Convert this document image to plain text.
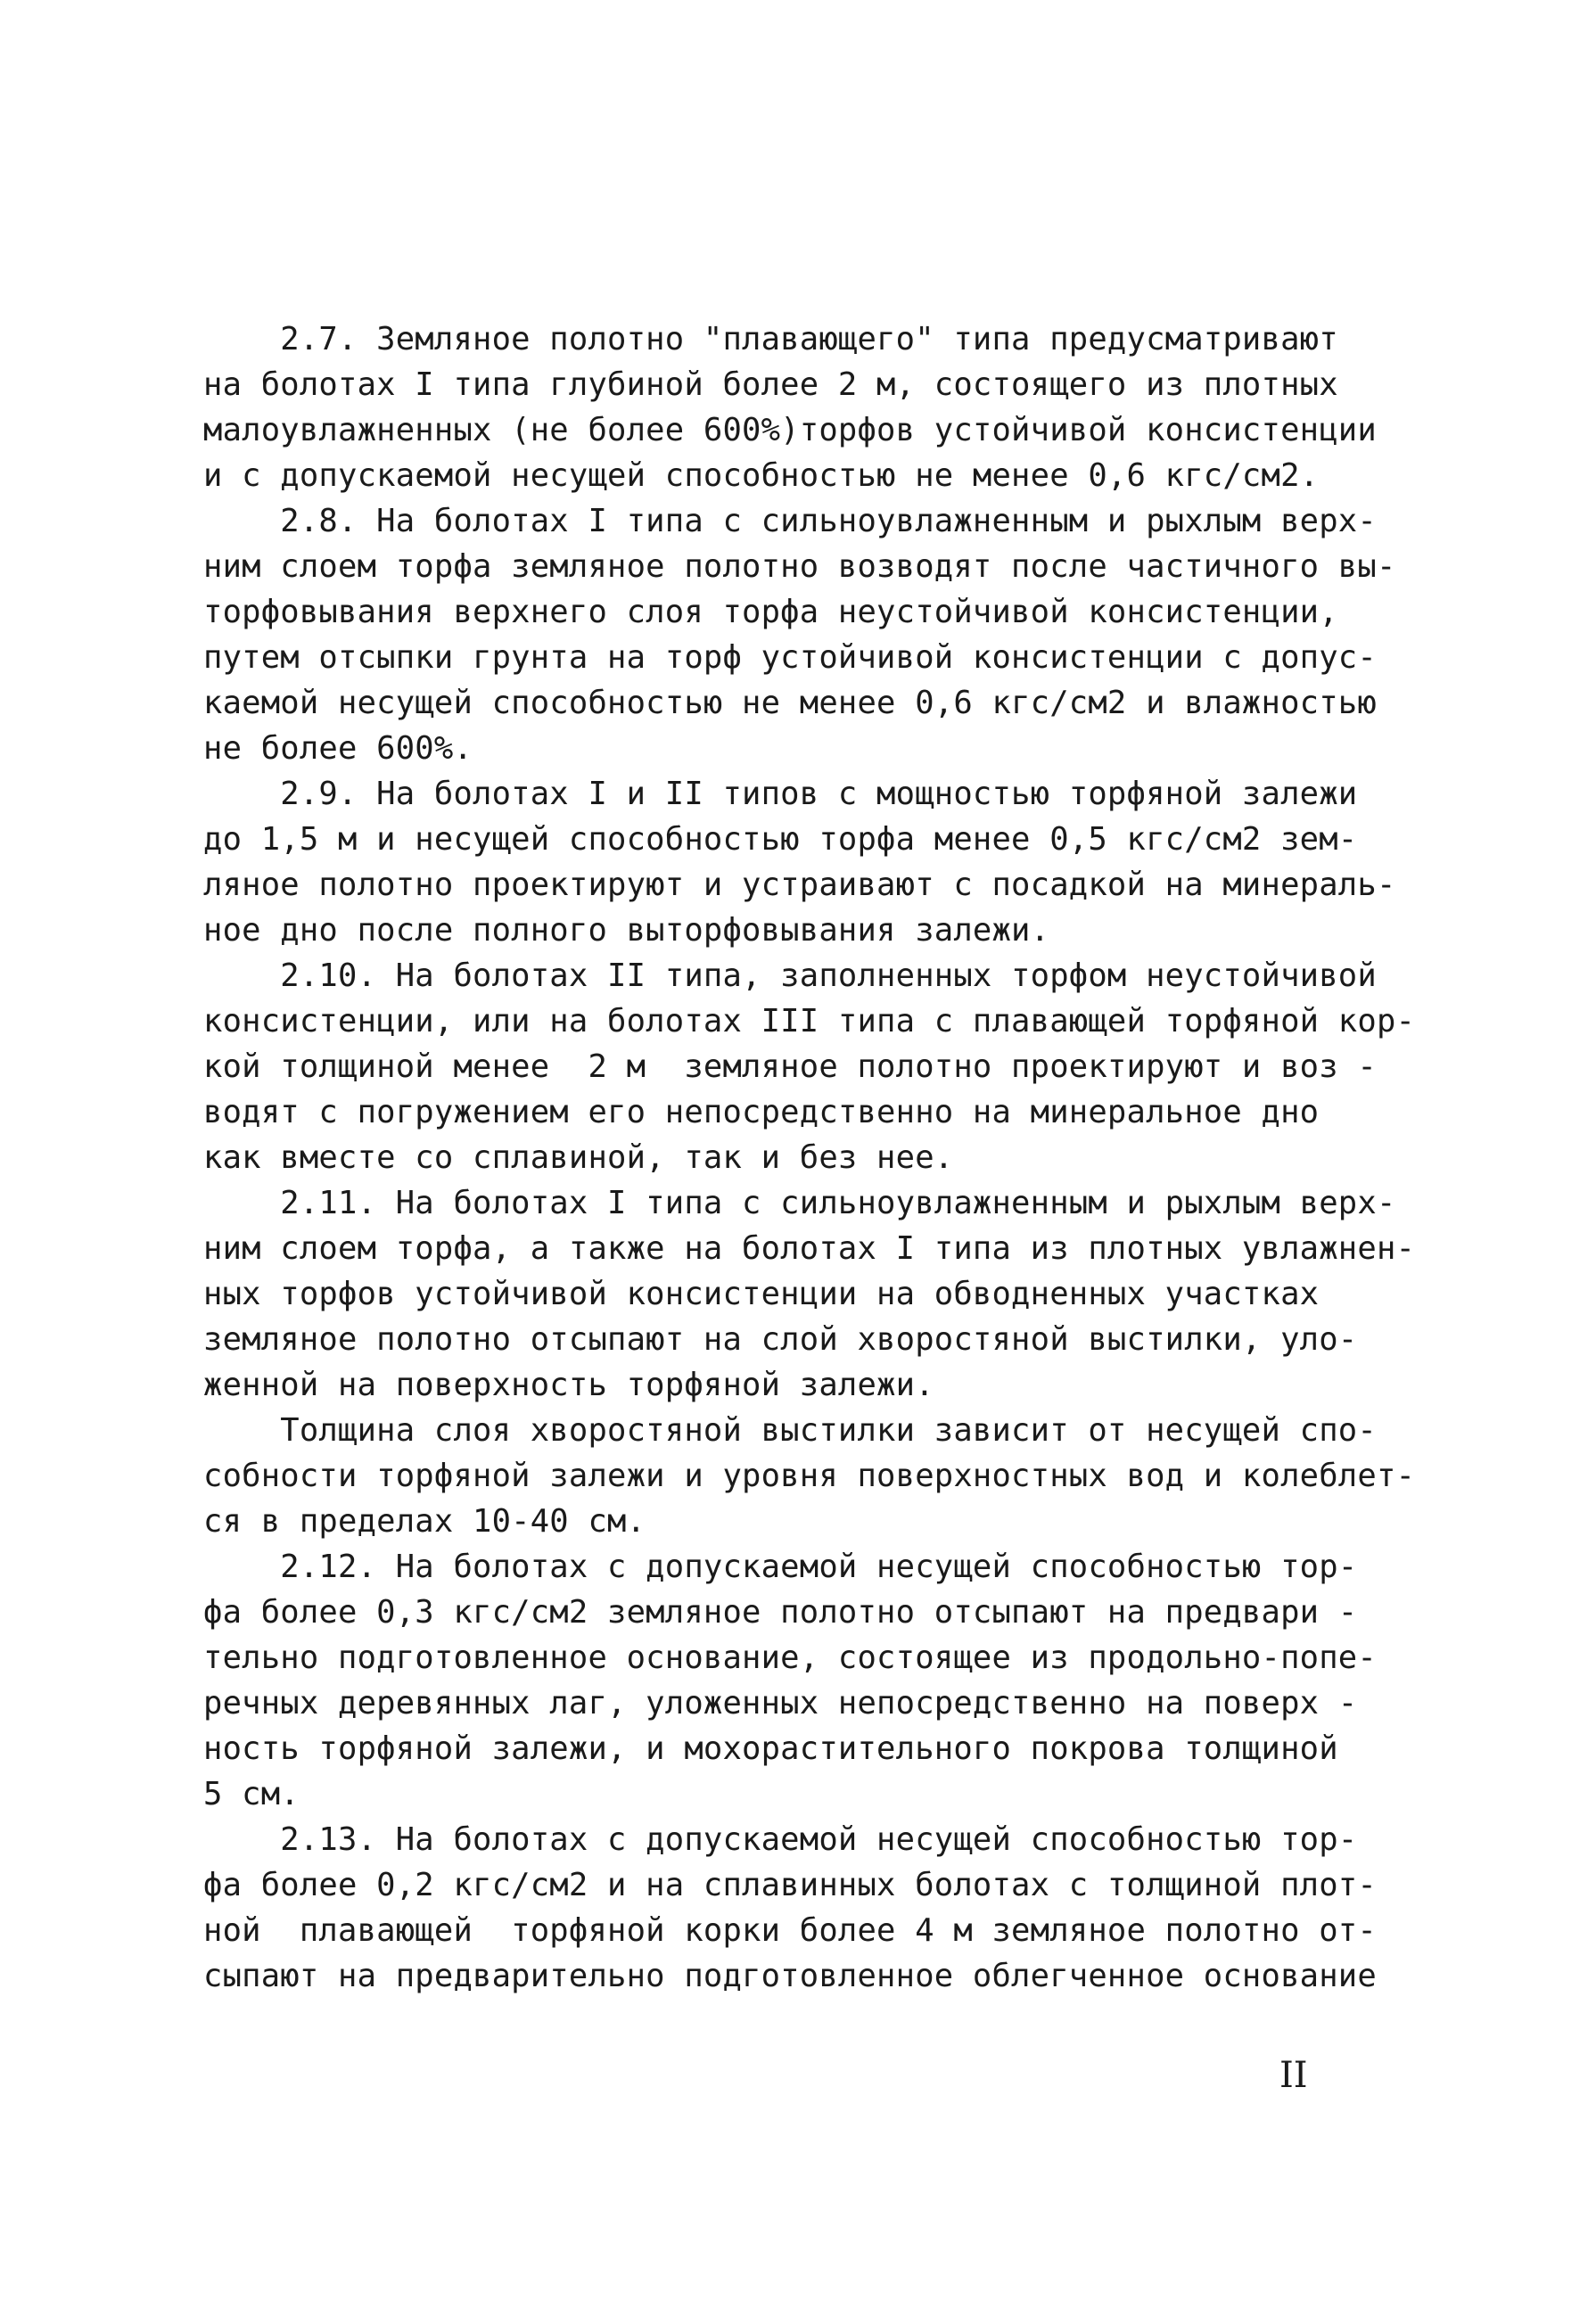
2.7. Земляное полотно "плавающего" типа предусматривают
на болотах I типа глубиной более 2 м, состоящего из плотных
малоувлажненных (не более 600%)торфов устойчивой консистенции
и с допускаемой несущей способностью не менее 0,6 кгс/см2.
2.8. На болотах I типа с сильноувлажненным и рыхлым верх-
ним слоем торфа земляное полотно возводят после частичного вы-
торфовывания верхнего слоя торфа неустойчивой консистенции,
путем отсыпки грунта на торф устойчивой консистенции с допус-
каемой несущей способностью не менее 0,6 кгс/см2 и влажностью
не более 600%.
2.9. На болотах I и II типов с мощностью торфяной залежи
до 1,5 м и несущей способностью торфа менее 0,5 кгс/см2 зем-
ляное полотно проектируют и устраивают с посадкой на минераль-
ное дно после полного выторфовывания залежи.
2.10. На болотах II типа, заполненных торфом неустойчивой
консистенции, или на болотах III типа с плавающей торфяной кор-
кой толщиной менее  2 м  земляное полотно проектируют и воз -
водят с погружением его непосредственно на минеральное дно
как вместе со сплавиной, так и без нее.
2.11. На болотах I типа с сильноувлажненным и рыхлым верх-
ним слоем торфа, а также на болотах I типа из плотных увлажнен-
ных торфов устойчивой консистенции на обводненных участках
земляное полотно отсыпают на слой хворостяной выстилки, уло-
женной на поверхность торфяной залежи.
Толщина слоя хворостяной выстилки зависит от несущей спо-
собности торфяной залежи и уровня поверхностных вод и колеблет-
ся в пределах 10-40 см.
2.12. На болотах с допускаемой несущей способностью тор-
фа более 0,3 кгс/см2 земляное полотно отсыпают на предвари -
тельно подготовленное основание, состоящее из продольно-попе-
речных деревянных лаг, уложенных непосредственно на поверх -
ность торфяной залежи, и мохорастительного покрова толщиной
5 см.
2.13. На болотах с допускаемой несущей способностью тор-
фа более 0,2 кгс/см2 и на сплавинных болотах с толщиной плот-
ной  плавающей  торфяной корки более 4 м земляное полотно от-
сыпают на предварительно подготовленное облегченное основание
II
